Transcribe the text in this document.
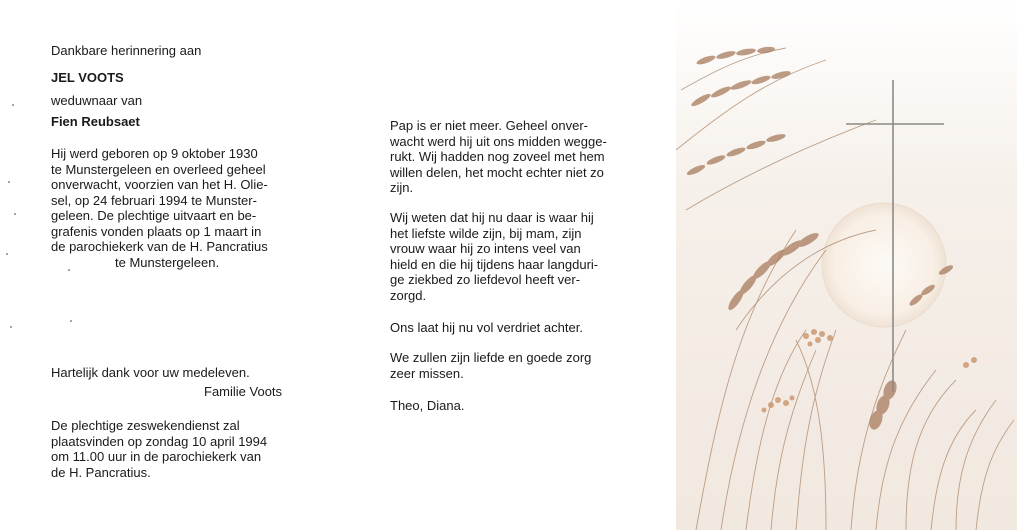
Dankbare herinnering aan

JEL VOOTS

weduwnaar van

Fien Reubsaet

Hij werd geboren op 9 oktober 1930
te Munstergeleen en overleed geheel
onverwacht, voorzien van het H. Olie-
sel, op 24 februari 1994 te Munster-
geleen. De plechtige uitvaart en be-
grafenis vonden plaats op 1 maart in
de parochiekerk van de H. Pancratius
te Munstergeleen.

Hartelijk dank voor uw medeleven.

Familie Voots

De plechtige zeswekendienst zal
plaatsvinden op zondag 10 april 1994
om 11.00 uur in de parochiekerk van
de H. Pancratius.
Pap is er niet meer. Geheel onver-
wacht werd hij uit ons midden wegge-
rukt. Wij hadden nog zoveel met hem
willen delen, het mocht echter niet zo
zijn.
Wij weten dat hij nu daar is waar hij
het liefste wilde zijn, bij mam, zijn
vrouw waar hij zo intens veel van
hield en die hij tijdens haar langduri-
ge ziekbed zo liefdevol heeft ver-
zorgd.

Ons laat hij nu vol verdriet achter.

We zullen zijn liefde en goede zorg
zeer missen.

Theo, Diana.
